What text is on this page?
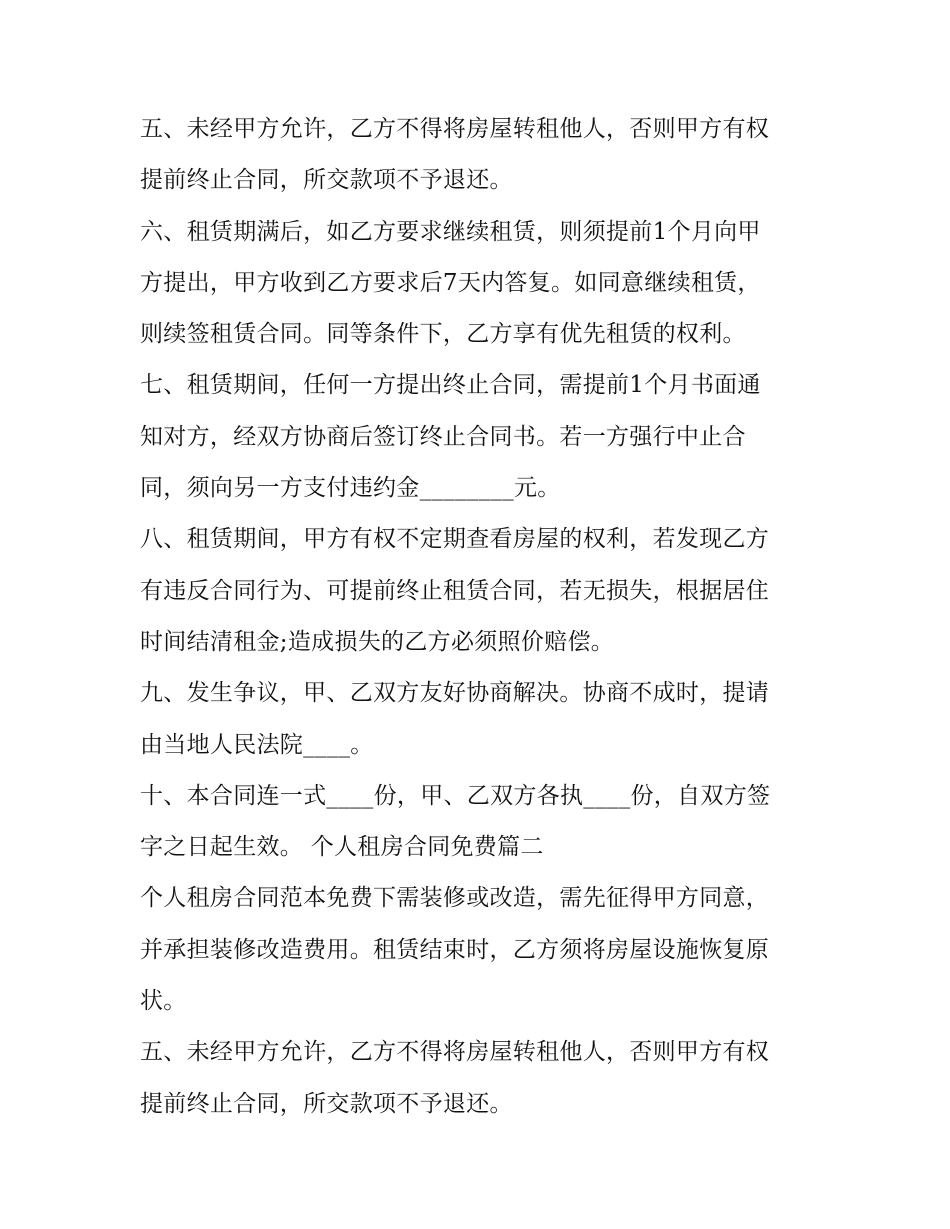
五、未经甲方允许，乙方不得将房屋转租他人，否则甲方有权
提前终止合同，所交款项不予退还。
六、租赁期满后，如乙方要求继续租赁，则须提前1个月向甲
方提出，甲方收到乙方要求后7天内答复。如同意继续租赁，
则续签租赁合同。同等条件下，乙方享有优先租赁的权利。
七、租赁期间，任何一方提出终止合同，需提前1个月书面通
知对方，经双方协商后签订终止合同书。若一方强行中止合
同，须向另一方支付违约金________元。
八、租赁期间，甲方有权不定期查看房屋的权利，若发现乙方
有违反合同行为、可提前终止租赁合同，若无损失，根据居住
时间结清租金;造成损失的乙方必须照价赔偿。
九、发生争议，甲、乙双方友好协商解决。协商不成时，提请
由当地人民法院____。
十、本合同连一式____份，甲、乙双方各执____份，自双方签
字之日起生效。 个人租房合同免费篇二
个人租房合同范本免费下需装修或改造，需先征得甲方同意，
并承担装修改造费用。租赁结束时，乙方须将房屋设施恢复原
状。
五、未经甲方允许，乙方不得将房屋转租他人，否则甲方有权
提前终止合同，所交款项不予退还。
